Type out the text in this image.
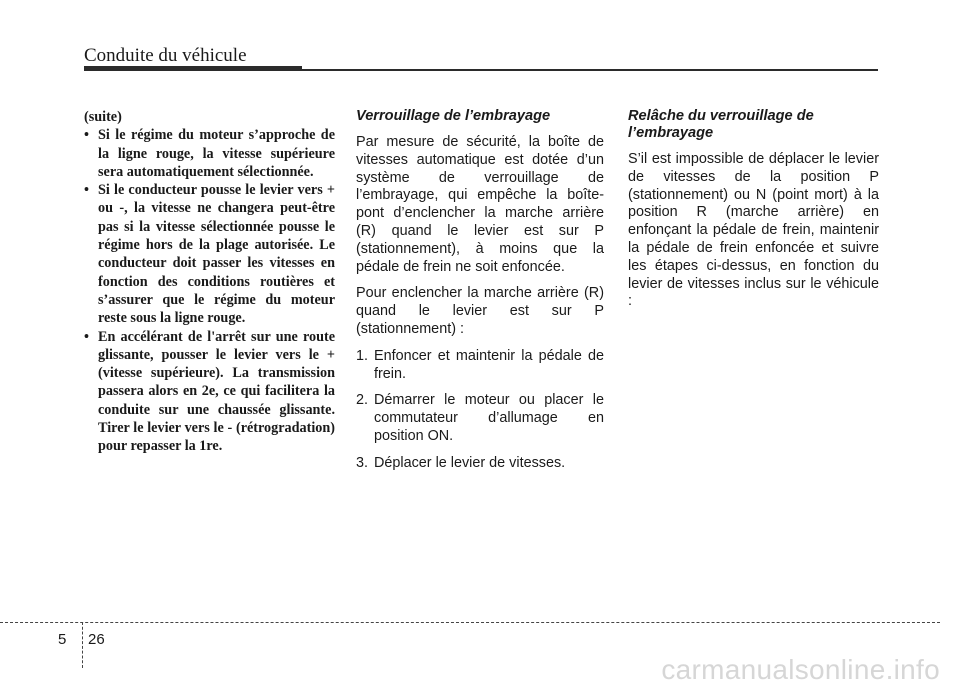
Conduite du véhicule

(suite)

• Si le régime du moteur s’approche de la ligne rouge, la vitesse supérieure sera automatiquement sélectionnée.
• Si le conducteur pousse le levier vers + ou -, la vitesse ne changera peut-être pas si la vitesse sélectionnée pousse le régime hors de la plage autorisée. Le conducteur doit passer les vitesses en fonction des conditions routières et s’assurer que le régime du moteur reste sous la ligne rouge.
• En accélérant de l'arrêt sur une route glissante, pousser le levier vers le + (vitesse supérieure). La transmission passera alors en 2e, ce qui facilitera la conduite sur une chaussée glissante. Tirer le levier vers le - (rétrogradation) pour repasser la 1re.

Verrouillage de l’embrayage

Par mesure de sécurité, la boîte de vitesses automatique est dotée d’un système de verrouillage de l’embrayage, qui empêche la boîte-pont d’enclencher la marche arrière (R) quand le levier est sur P (stationnement), à moins que la pédale de frein ne soit enfoncée.

Pour enclencher la marche arrière (R) quand le levier est sur P (stationnement) :

1. Enfoncer et maintenir la pédale de frein.
2. Démarrer le moteur ou placer le commutateur d’allumage en position ON.
3. Déplacer le levier de vitesses.

Relâche du verrouillage de l’embrayage

S’il est impossible de déplacer le levier de vitesses de la position P (stationnement) ou N (point mort) à la position R (marche arrière) en enfonçant la pédale de frein, maintenir la pédale de frein enfoncée et suivre les étapes ci-dessus, en fonction du levier de vitesses inclus sur le véhicule :

5 26
carmanualsonline.info
